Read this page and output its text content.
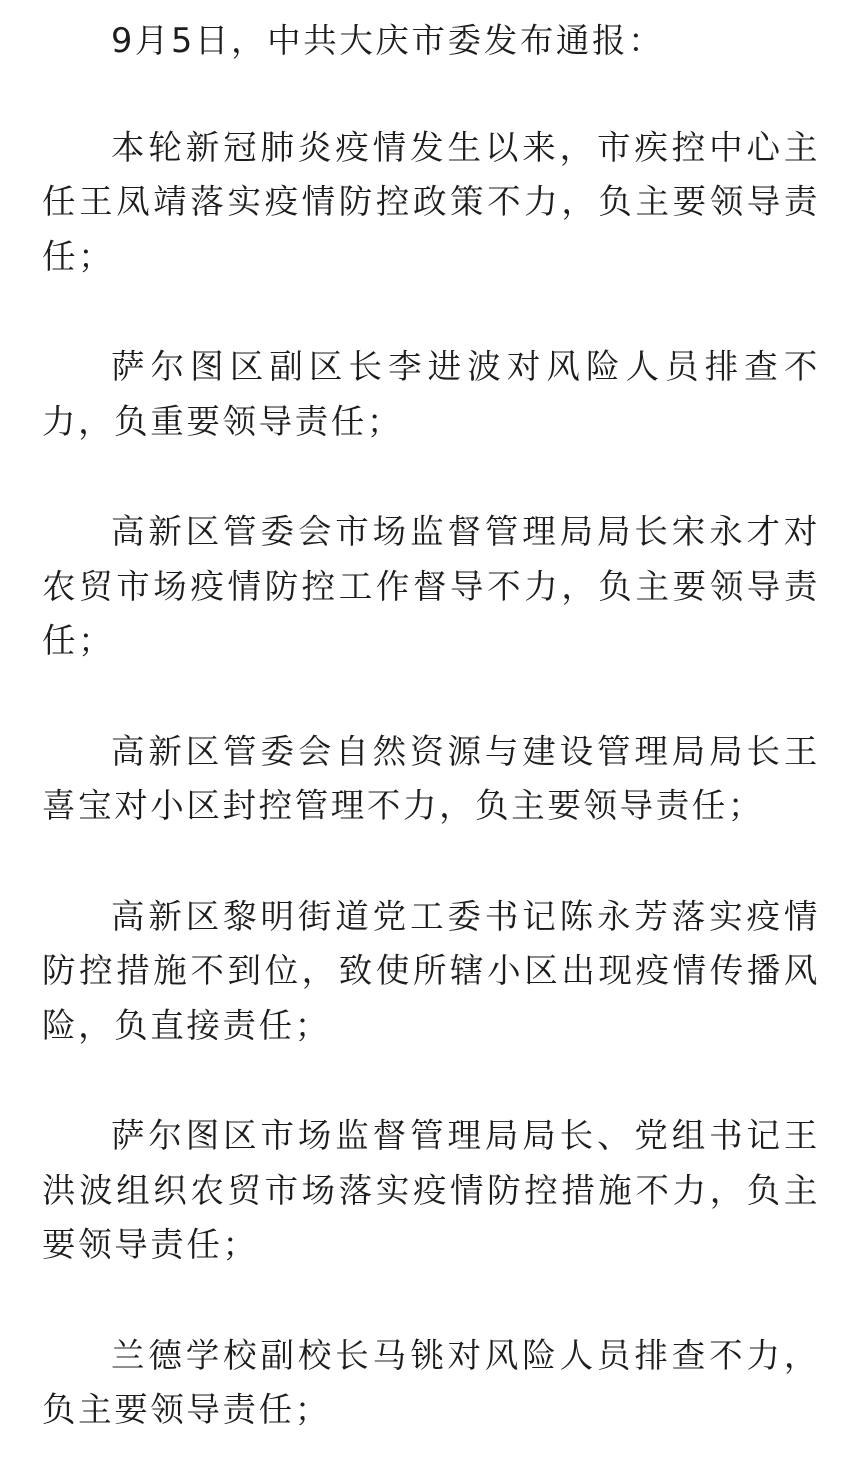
9月5日，中共大庆市委发布通报：

本轮新冠肺炎疫情发生以来，市疾控中心主任王凤靖落实疫情防控政策不力，负主要领导责任；

萨尔图区副区长李进波对风险人员排查不力，负重要领导责任；

高新区管委会市场监督管理局局长宋永才对农贸市场疫情防控工作督导不力，负主要领导责任；

高新区管委会自然资源与建设管理局局长王喜宝对小区封控管理不力，负主要领导责任；

高新区黎明街道党工委书记陈永芳落实疫情防控措施不到位，致使所辖小区出现疫情传播风险，负直接责任；

萨尔图区市场监督管理局局长、党组书记王洪波组织农贸市场落实疫情防控措施不力，负主要领导责任；

兰德学校副校长马铫对风险人员排查不力，负主要领导责任；
